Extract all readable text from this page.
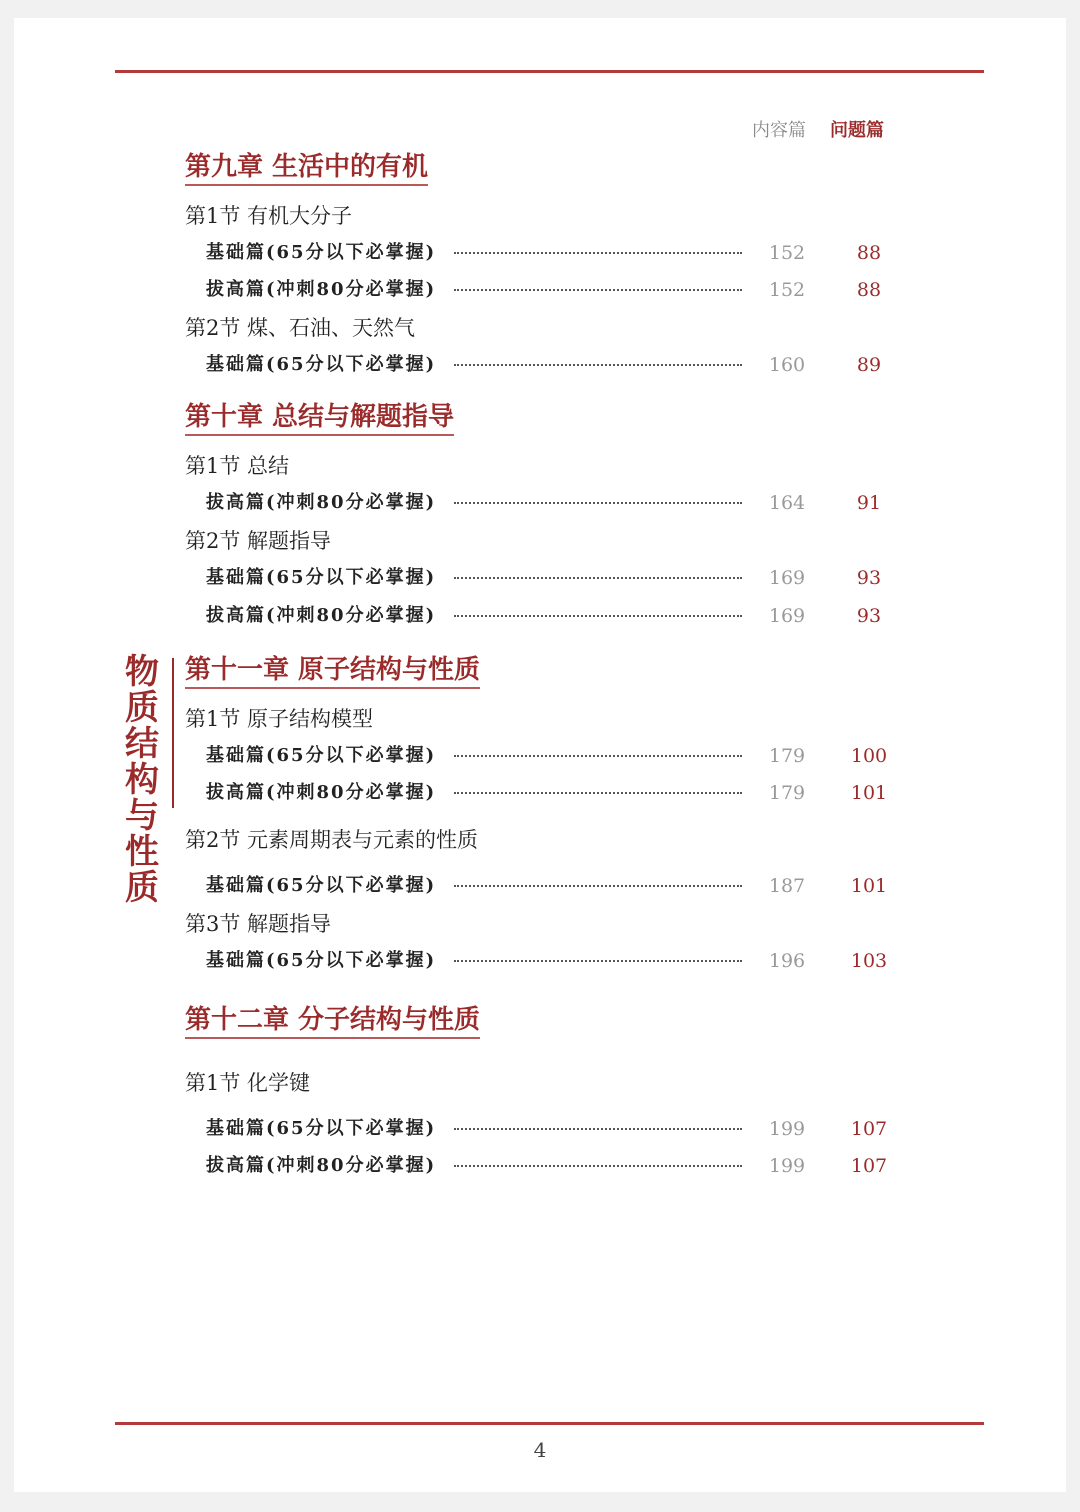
内容篇 问题篇
第九章 生活中的有机
第1节 有机大分子
基础篇(65分以下必掌握)	152	88
拔高篇(冲刺80分必掌握)	152	88
第2节 煤、石油、天然气
基础篇(65分以下必掌握)	160	89
第十章 总结与解题指导
第1节 总结
拔高篇(冲刺80分必掌握)	164	91
第2节 解题指导
基础篇(65分以下必掌握)	169	93
拔高篇(冲刺80分必掌握)	169	93
物质结构与性质
第十一章 原子结构与性质
第1节 原子结构模型
基础篇(65分以下必掌握)	179	100
拔高篇(冲刺80分必掌握)	179	101
第2节 元素周期表与元素的性质
基础篇(65分以下必掌握)	187	101
第3节 解题指导
基础篇(65分以下必掌握)	196	103
第十二章 分子结构与性质
第1节 化学键
基础篇(65分以下必掌握)	199	107
拔高篇(冲刺80分必掌握)	199	107
4
